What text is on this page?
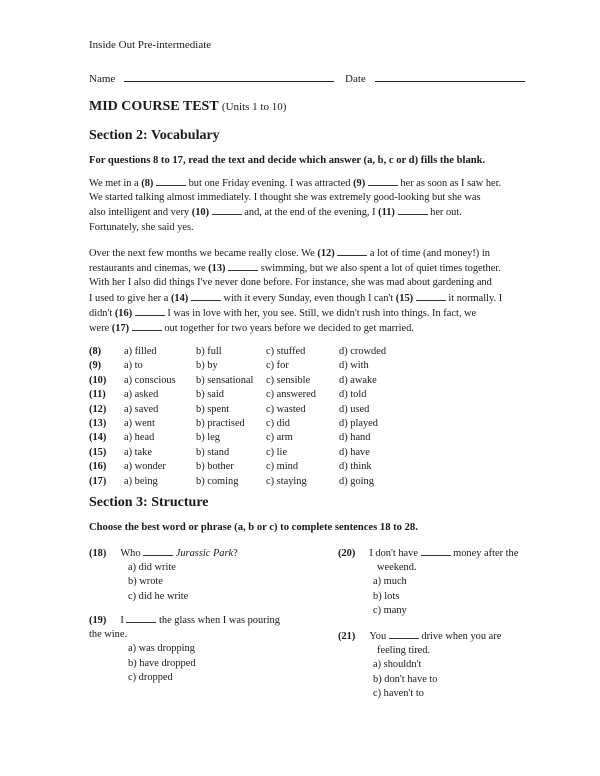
Inside Out Pre-intermediate
Name	Date
MID COURSE TEST (Units 1 to 10)
Section 2: Vocabulary
For questions 8 to 17, read the text and decide which answer (a, b, c or d) fills the blank.
We met in a (8)	but one Friday evening. I was attracted (9)	her as soon as I saw her.
We started talking almost immediately. I thought she was extremely good-looking but she was
also intelligent and very (10)	and, at the end of the evening, I (11)	her out.
Fortunately, she said yes.
Over the next few months we became really close. We (12)	a lot of time (and money!) in
restaurants and cinemas, we (13)	swimming, but we also spent a lot of quiet times together.
With her I also did things I've never done before. For instance, she was mad about gardening and
I used to give her a (14)	with it every Sunday, even though I can't (15)	it normally. I
didn't (16)	I was in love with her, you see. Still, we didn't rush into things. In fact, we
were (17)	out together for two years before we decided to get married.
(8)	a) filled	b) full	c) stuffed	d) crowded
(9)	a) to	b) by	c) for	d) with
(10)	a) conscious	b) sensational	c) sensible	d) awake
(11)	a) asked	b) said	c) answered	d) told
(12)	a) saved	b) spent	c) wasted	d) used
(13)	a) went	b) practised	c) did	d) played
(14)	a) head	b) leg	c) arm	d) hand
(15)	a) take	b) stand	c) lie	d) have
(16)	a) wonder	b) bother	c) mind	d) think
(17)	a) being	b) coming	c) staying	d) going
Section 3: Structure
Choose the best word or phrase (a, b or c) to complete sentences 18 to 28.
(18) Who	Jurassic Park?
a) did write
b) wrote
c) did he write
(19) I	the glass when I was pouring
the wine.
a) was dropping
b) have dropped
c) dropped
(20) I don't have	money after the
weekend.
a) much
b) lots
c) many
(21) You	drive when you are
feeling tired.
a) shouldn't
b) don't have to
c) haven't to
